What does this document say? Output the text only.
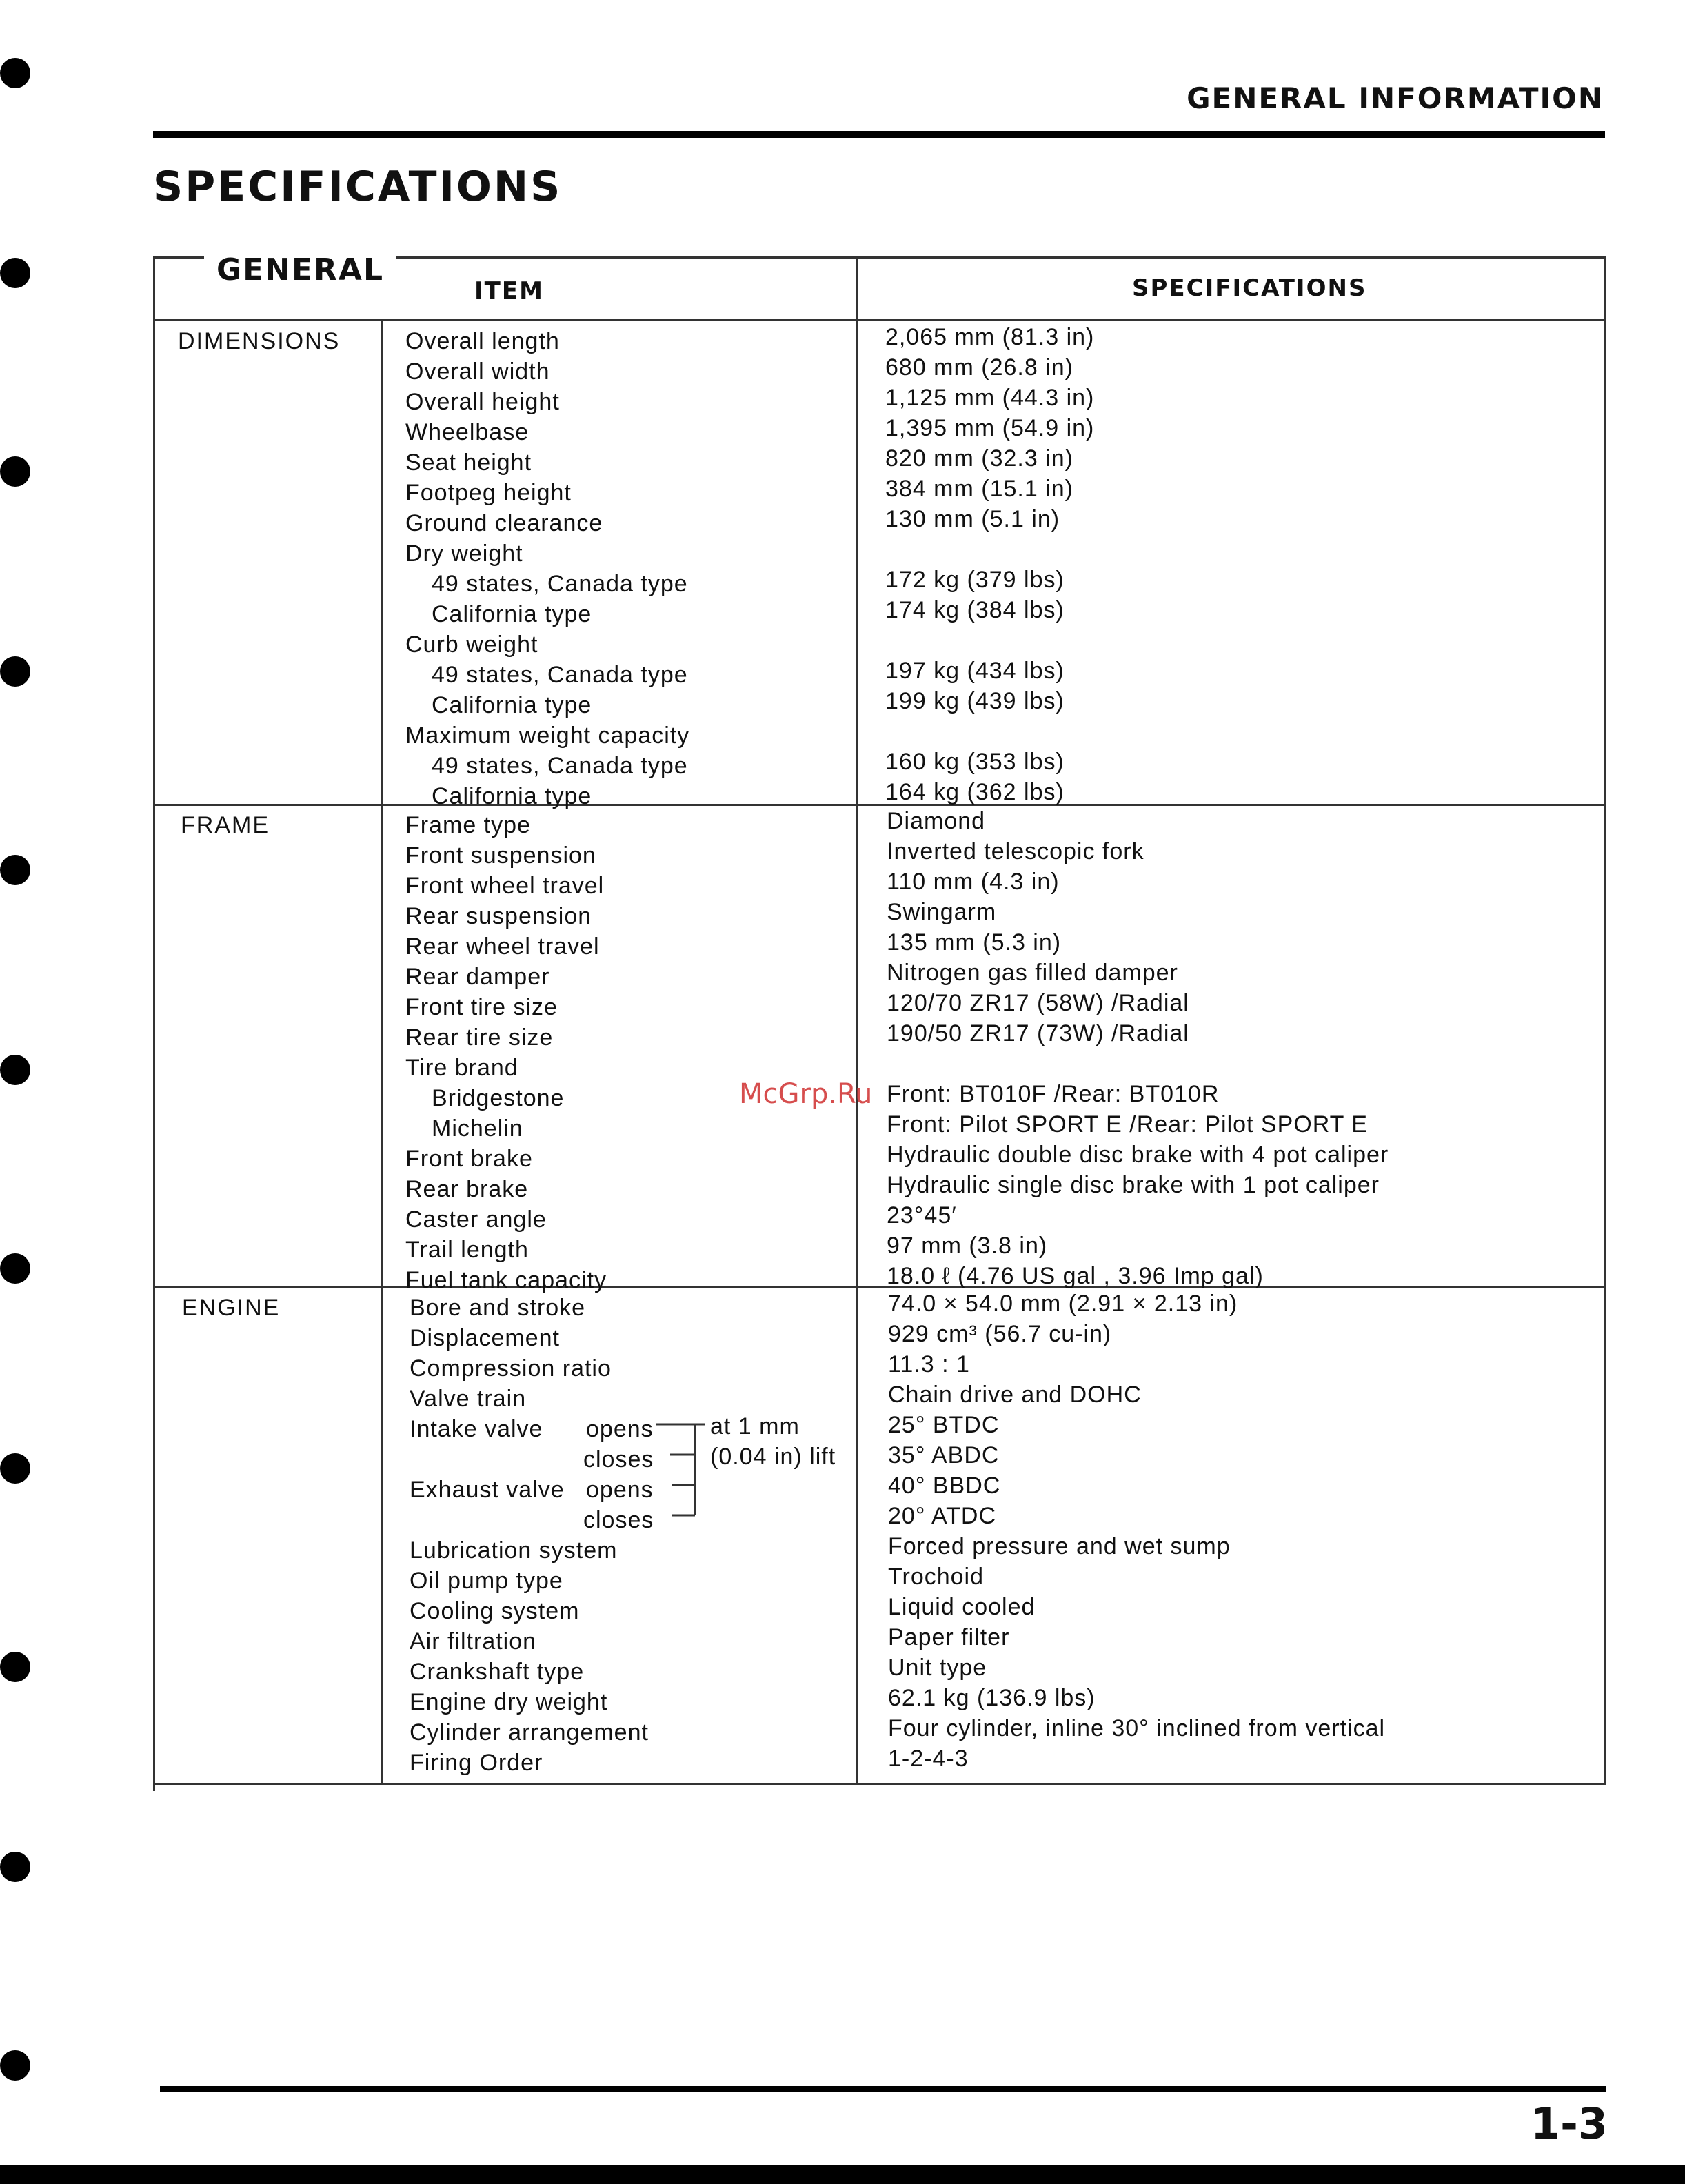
GENERAL INFORMATION
SPECIFICATIONS
GENERAL
ITEM	SPECIFICATIONS
DIMENSIONS
FRAME
ENGINE
at 1 mm
(0.04 in) lift
Overall length	2,065 mm (81.3 in)
Overall width	680 mm (26.8 in)
Overall height	1,125 mm (44.3 in)
Wheelbase	1,395 mm (54.9 in)
Seat height	820 mm (32.3 in)
Footpeg height	384 mm (15.1 in)
Ground clearance	130 mm (5.1 in)
Dry weight
49 states, Canada type	172 kg (379 lbs)
California type	174 kg (384 lbs)
Curb weight
49 states, Canada type	197 kg (434 lbs)
California type	199 kg (439 lbs)
Maximum weight capacity
49 states, Canada type	160 kg (353 lbs)
California type	164 kg (362 lbs)
Frame type	Diamond
Front suspension	Inverted telescopic fork
Front wheel travel	110 mm (4.3 in)
Rear suspension	Swingarm
Rear wheel travel	135 mm (5.3 in)
Rear damper	Nitrogen gas filled damper
Front tire size	120/70 ZR17 (58W) /Radial
Rear tire size	190/50 ZR17 (73W) /Radial
Tire brand
Bridgestone	Front: BT010F /Rear: BT010R
Michelin	Front: Pilot SPORT E /Rear: Pilot SPORT E
Front brake	Hydraulic double disc brake with 4 pot caliper
Rear brake	Hydraulic single disc brake with 1 pot caliper
Caster angle	23°45′
Trail length	97 mm (3.8 in)
Fuel tank capacity	18.0 ℓ (4.76 US gal , 3.96 Imp gal)
Bore and stroke	74.0 × 54.0 mm (2.91 × 2.13 in)
Displacement	929 cm³ (56.7 cu-in)
Compression ratio	11.3 : 1
Valve train	Chain drive and DOHC
Intake valve opens	25° BTDC
closes	35° ABDC
Exhaust valve opens	40° BBDC
closes	20° ATDC
Lubrication system	Forced pressure and wet sump
Oil pump type	Trochoid
Cooling system	Liquid cooled
Air filtration	Paper filter
Crankshaft type	Unit type
Engine dry weight	62.1 kg (136.9 lbs)
Cylinder arrangement	Four cylinder, inline 30° inclined from vertical
Firing Order	1-2-4-3
McGrp.Ru
1-3
